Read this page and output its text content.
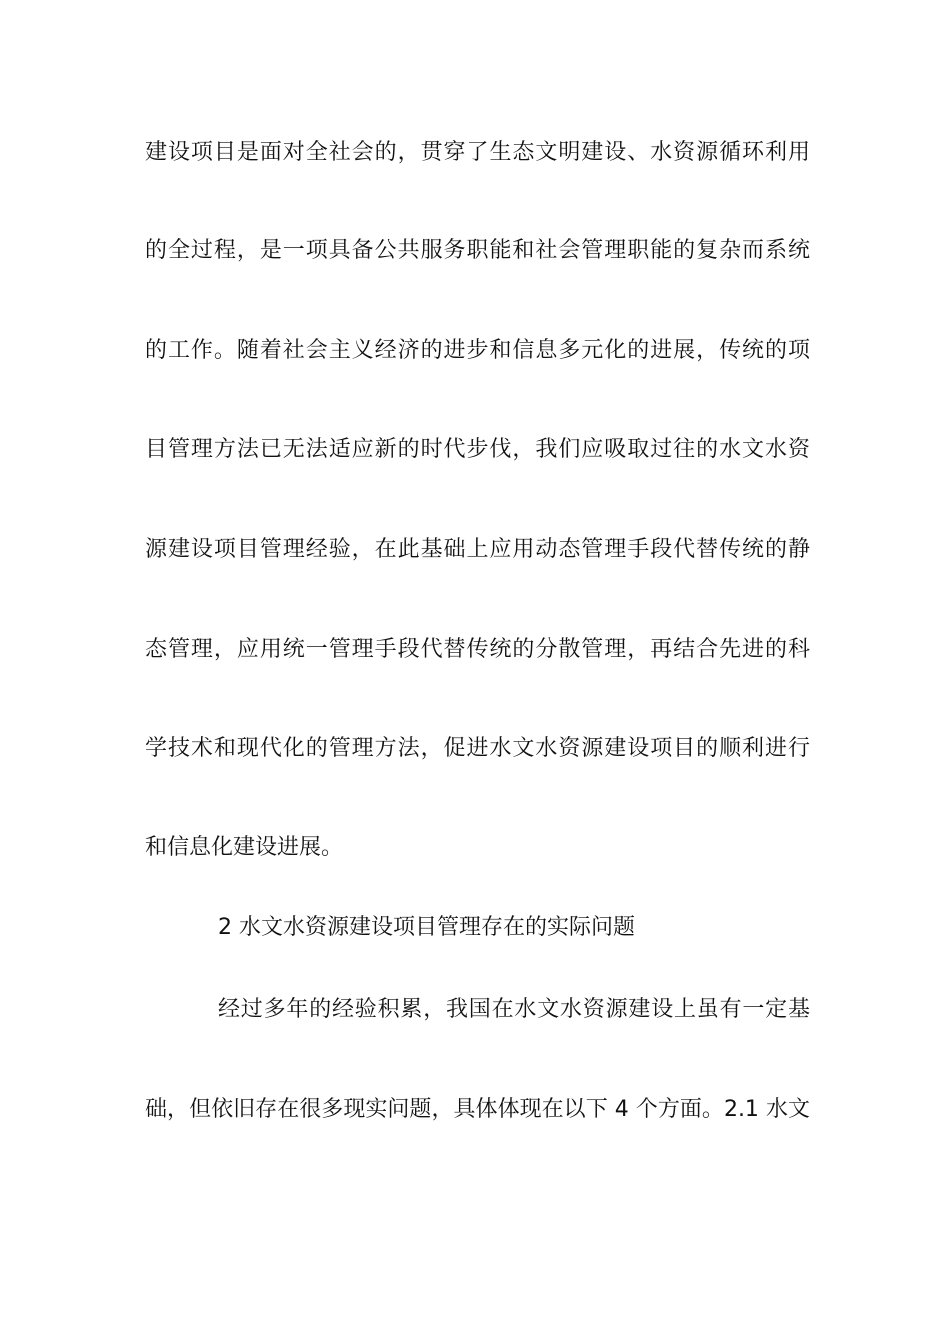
建设项目是面对全社会的，贯穿了生态文明建设、水资源循环利用
的全过程，是一项具备公共服务职能和社会管理职能的复杂而系统
的工作。随着社会主义经济的进步和信息多元化的进展，传统的项
目管理方法已无法适应新的时代步伐，我们应吸取过往的水文水资
源建设项目管理经验，在此基础上应用动态管理手段代替传统的静
态管理，应用统一管理手段代替传统的分散管理，再结合先进的科
学技术和现代化的管理方法，促进水文水资源建设项目的顺利进行
和信息化建设进展。
2 水文水资源建设项目管理存在的实际问题
经过多年的经验积累，我国在水文水资源建设上虽有一定基
础，但依旧存在很多现实问题，具体体现在以下 4 个方面。2.1 水文
